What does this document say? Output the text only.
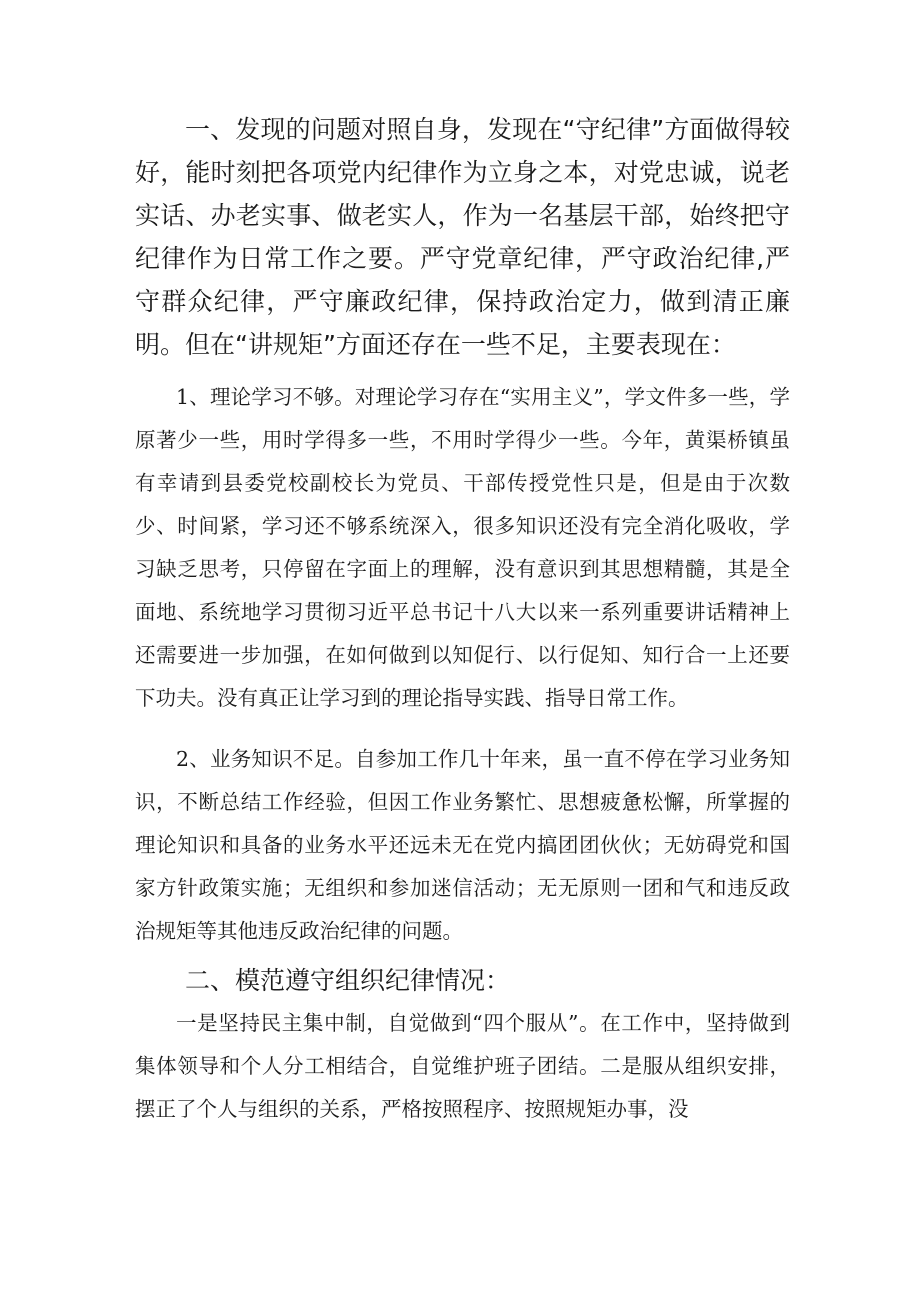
一、发现的问题对照自身，发现在“守纪律”方面做得较好，能时刻把各项党内纪律作为立身之本，对党忠诚，说老实话、办老实事、做老实人，作为一名基层干部，始终把守纪律作为日常工作之要。严守党章纪律，严守政治纪律,严守群众纪律，严守廉政纪律，保持政治定力，做到清正廉明。但在“讲规矩”方面还存在一些不足，主要表现在：

1、理论学习不够。对理论学习存在“实用主义”，学文件多一些，学原著少一些，用时学得多一些，不用时学得少一些。今年，黄渠桥镇虽有幸请到县委党校副校长为党员、干部传授党性只是，但是由于次数少、时间紧，学习还不够系统深入，很多知识还没有完全消化吸收，学习缺乏思考，只停留在字面上的理解，没有意识到其思想精髓，其是全面地、系统地学习贯彻习近平总书记十八大以来一系列重要讲话精神上还需要进一步加强，在如何做到以知促行、以行促知、知行合一上还要下功夫。没有真正让学习到的理论指导实践、指导日常工作。

2、业务知识不足。自参加工作几十年来，虽一直不停在学习业务知识，不断总结工作经验，但因工作业务繁忙、思想疲惫松懈，所掌握的理论知识和具备的业务水平还远未无在党内搞团团伙伙；无妨碍党和国家方针政策实施；无组织和参加迷信活动；无无原则一团和气和违反政治规矩等其他违反政治纪律的问题。

二、模范遵守组织纪律情况：

一是坚持民主集中制，自觉做到“四个服从”。在工作中，坚持做到集体领导和个人分工相结合，自觉维护班子团结。二是服从组织安排，摆正了个人与组织的关系，严格按照程序、按照规矩办事，没
